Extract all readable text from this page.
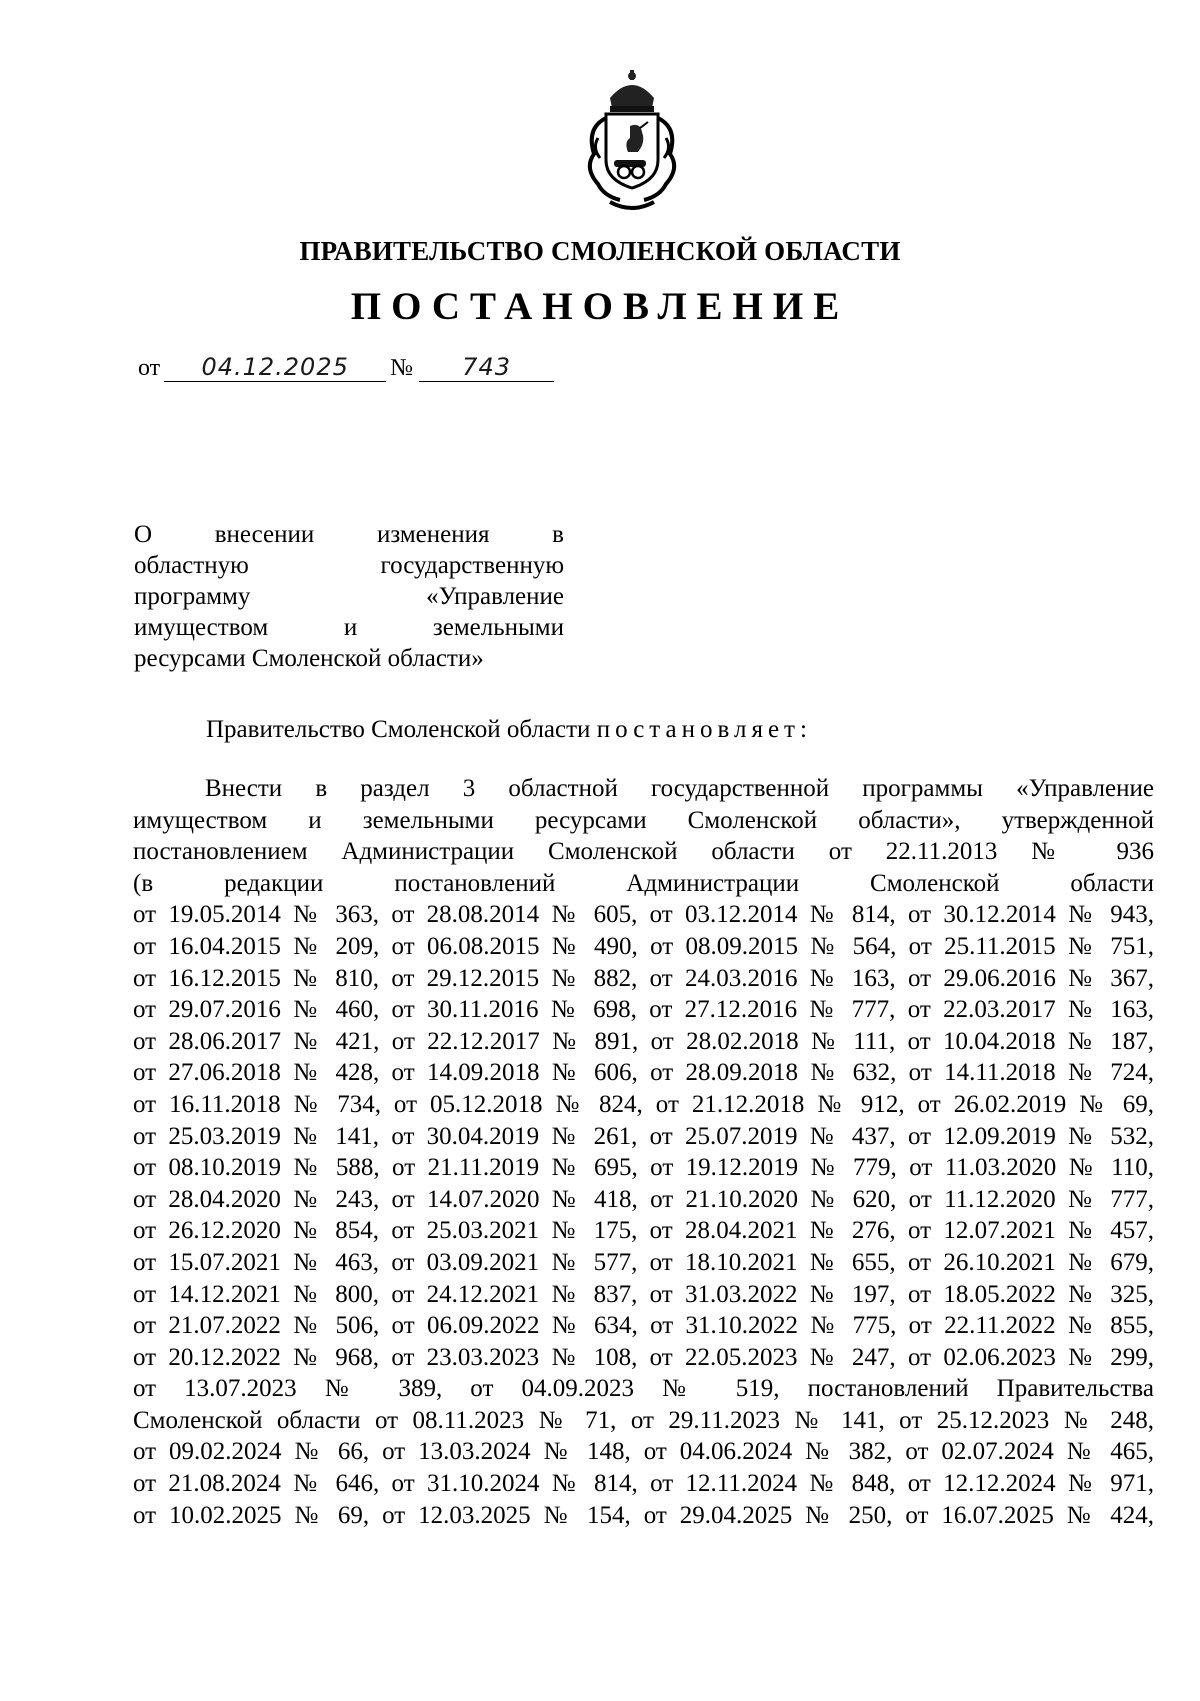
ПРАВИТЕЛЬСТВО СМОЛЕНСКОЙ ОБЛАСТИ
ПОСТАНОВЛЕНИЕ
от	04.12.2025	№	743
О внесении изменения в
областную государственную
программу «Управление
имуществом и земельными
ресурсами Смоленской области»
Правительство Смоленской области постановляет:
Внести в раздел 3 областной государственной программы «Управление
имуществом и земельными ресурсами Смоленской области», утвержденной
постановлением Администрации Смоленской области от 22.11.2013 № 936
(в редакции постановлений Администрации Смоленской области
от 19.05.2014 № 363, от 28.08.2014 № 605, от 03.12.2014 № 814, от 30.12.2014 № 943,
от 16.04.2015 № 209, от 06.08.2015 № 490, от 08.09.2015 № 564, от 25.11.2015 № 751,
от 16.12.2015 № 810, от 29.12.2015 № 882, от 24.03.2016 № 163, от 29.06.2016 № 367,
от 29.07.2016 № 460, от 30.11.2016 № 698, от 27.12.2016 № 777, от 22.03.2017 № 163,
от 28.06.2017 № 421, от 22.12.2017 № 891, от 28.02.2018 № 111, от 10.04.2018 № 187,
от 27.06.2018 № 428, от 14.09.2018 № 606, от 28.09.2018 № 632, от 14.11.2018 № 724,
от 16.11.2018 № 734, от 05.12.2018 № 824, от 21.12.2018 № 912, от 26.02.2019 № 69,
от 25.03.2019 № 141, от 30.04.2019 № 261, от 25.07.2019 № 437, от 12.09.2019 № 532,
от 08.10.2019 № 588, от 21.11.2019 № 695, от 19.12.2019 № 779, от 11.03.2020 № 110,
от 28.04.2020 № 243, от 14.07.2020 № 418, от 21.10.2020 № 620, от 11.12.2020 № 777,
от 26.12.2020 № 854, от 25.03.2021 № 175, от 28.04.2021 № 276, от 12.07.2021 № 457,
от 15.07.2021 № 463, от 03.09.2021 № 577, от 18.10.2021 № 655, от 26.10.2021 № 679,
от 14.12.2021 № 800, от 24.12.2021 № 837, от 31.03.2022 № 197, от 18.05.2022 № 325,
от 21.07.2022 № 506, от 06.09.2022 № 634, от 31.10.2022 № 775, от 22.11.2022 № 855,
от 20.12.2022 № 968, от 23.03.2023 № 108, от 22.05.2023 № 247, от 02.06.2023 № 299,
от 13.07.2023 № 389, от 04.09.2023 № 519, постановлений Правительства
Смоленской области от 08.11.2023 № 71, от 29.11.2023 № 141, от 25.12.2023 № 248,
от 09.02.2024 № 66, от 13.03.2024 № 148, от 04.06.2024 № 382, от 02.07.2024 № 465,
от 21.08.2024 № 646, от 31.10.2024 № 814, от 12.11.2024 № 848, от 12.12.2024 № 971,
от 10.02.2025 № 69, от 12.03.2025 № 154, от 29.04.2025 № 250, от 16.07.2025 № 424,
